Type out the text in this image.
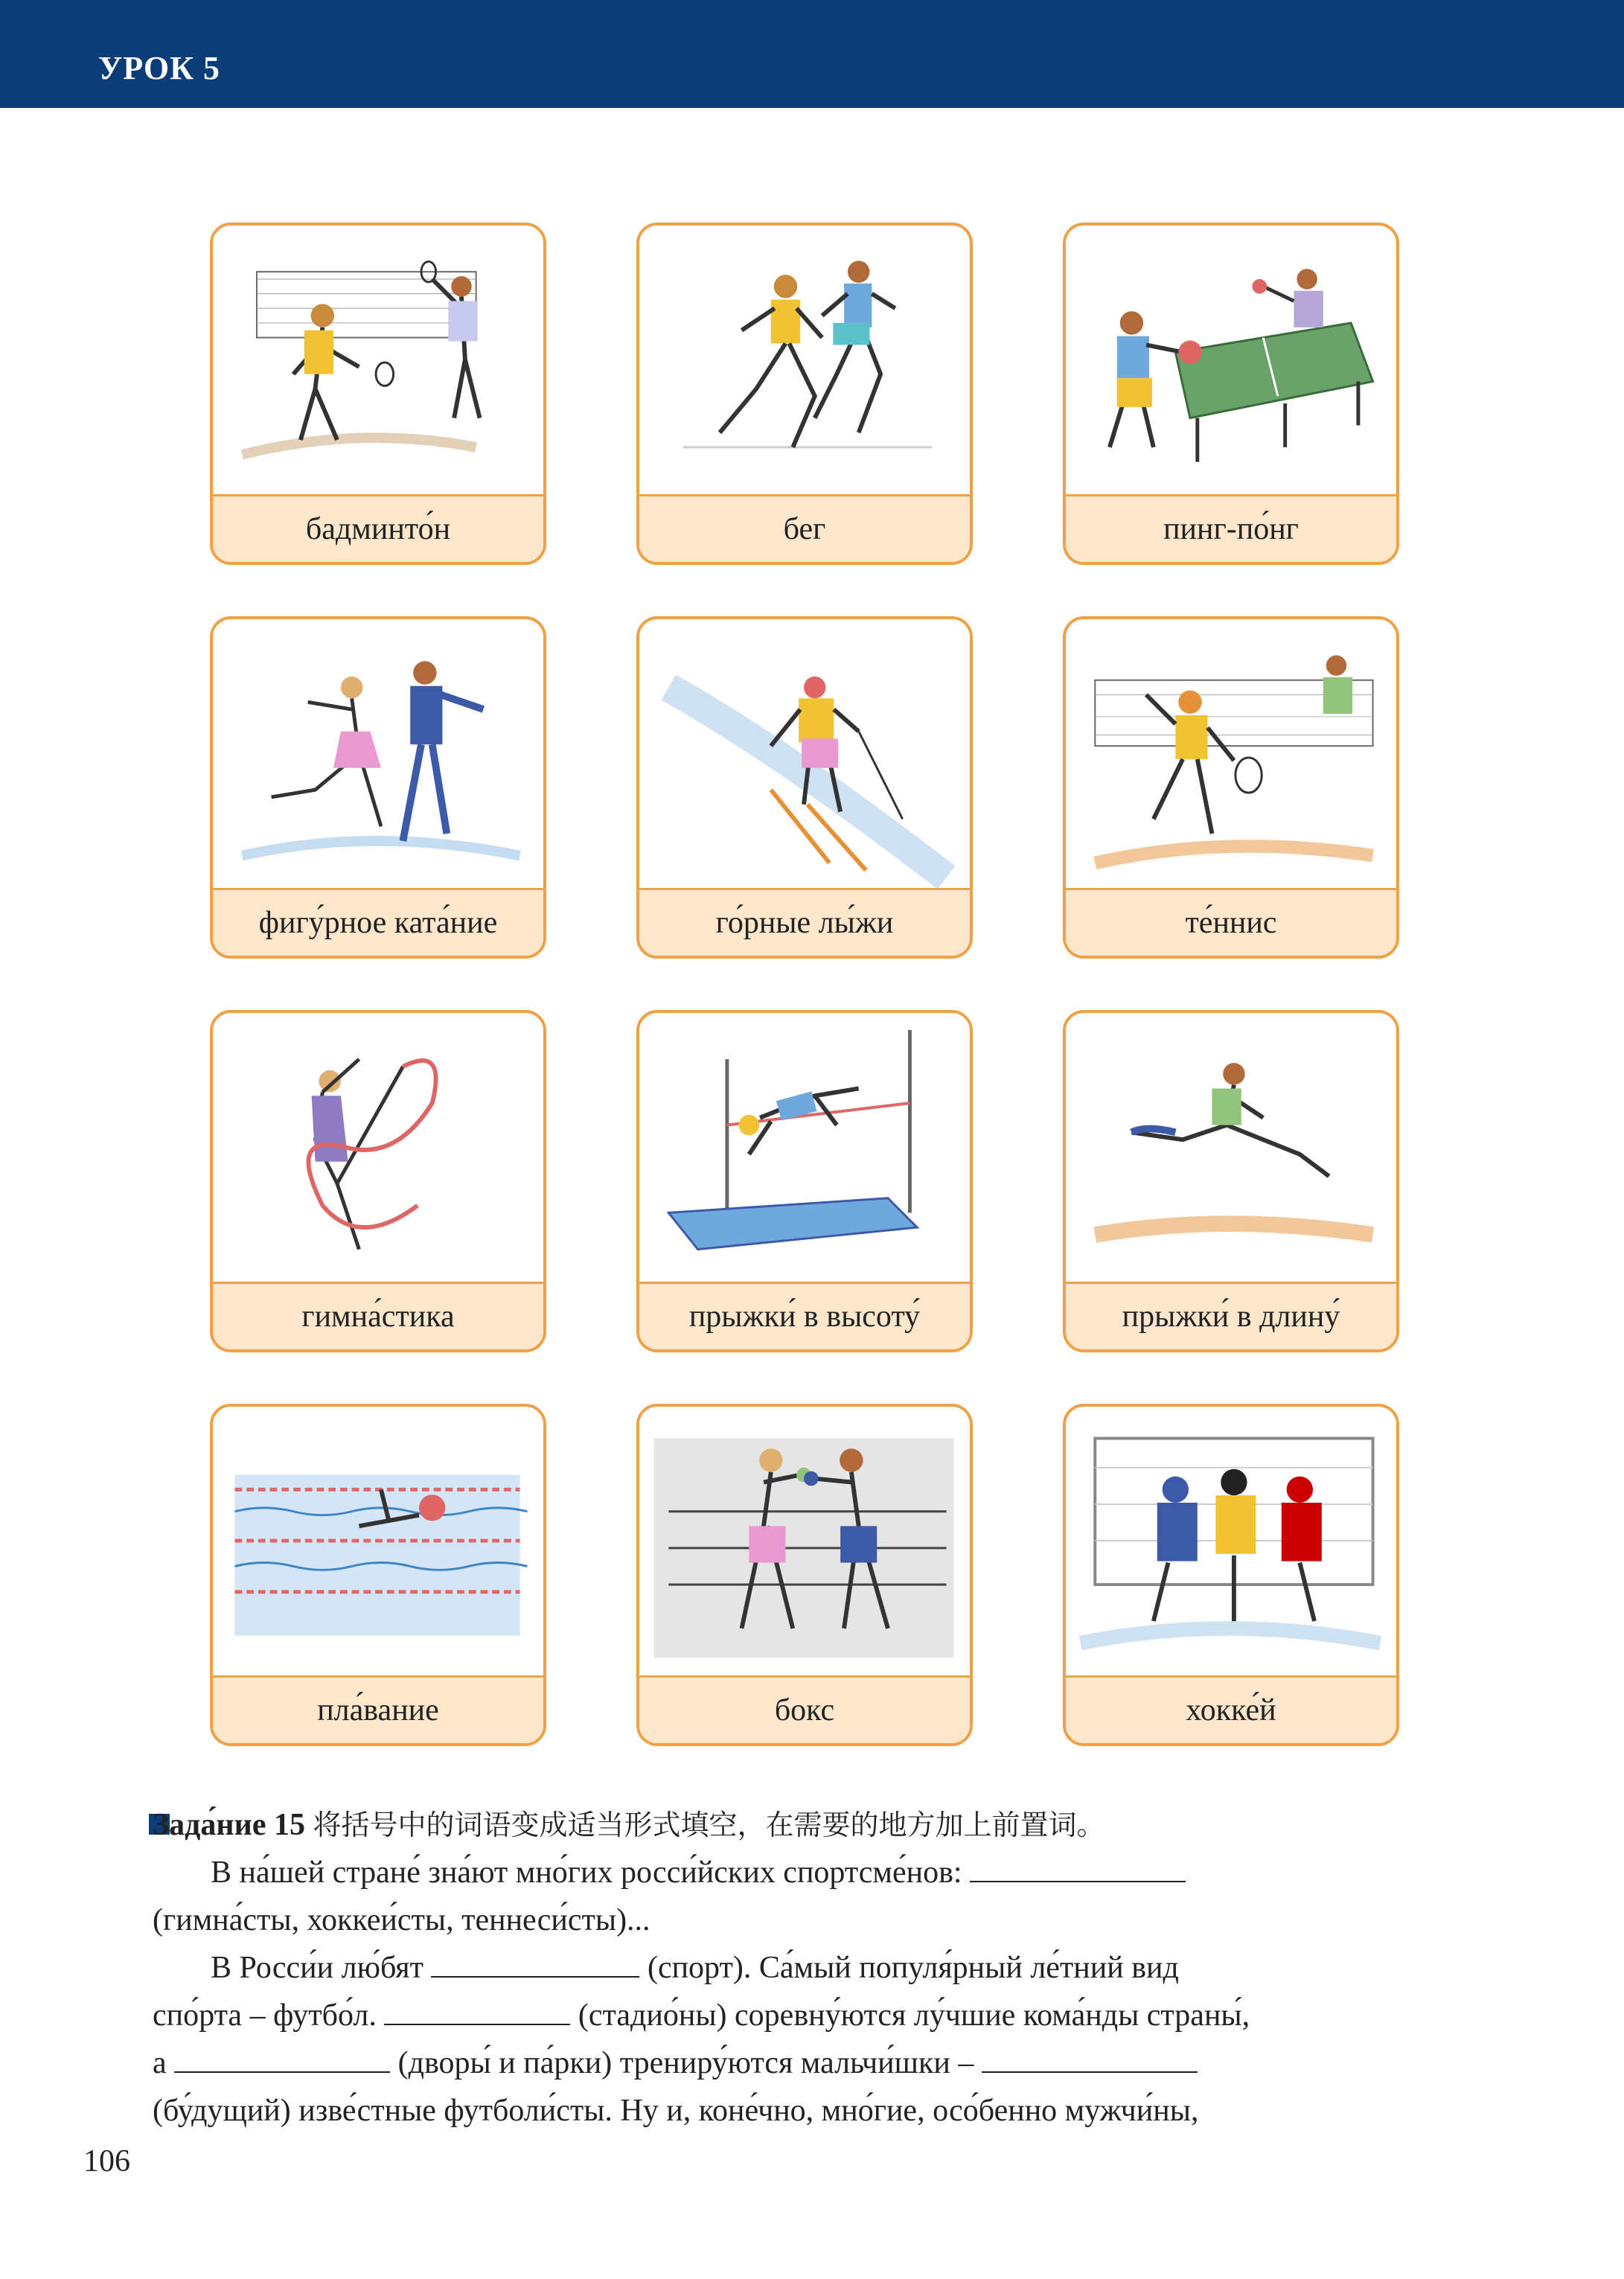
УРОК 5
бадминто́н	бег	пинг-по́нг
фигу́рное ката́ние	го́рные лы́жи	те́ннис
гимна́стика	прыжки́ в высоту́	прыжки́ в длину́
пла́вание	бокс	хокке́й

Зада́ние 15 将括号中的词语变成适当形式填空，在需要的地方加上前置词。

В на́шей стране́ зна́ют мно́гих росси́йских спортсме́нов:

(гимна́сты, хоккеи́сты, теннеси́сты)...

В Росси́и лю́бят	(спорт). Са́мый популя́рный ле́тний вид

спо́рта – футбо́л.	(стадио́ны) соревну́ются лу́чшие кома́нды страны́,

а	(дворы́ и па́рки) трениру́ются мальчи́шки –

(бу́дущий) изве́стные футболи́сты. Ну и, коне́чно, мно́гие, осо́бенно мужчи́ны,

106
